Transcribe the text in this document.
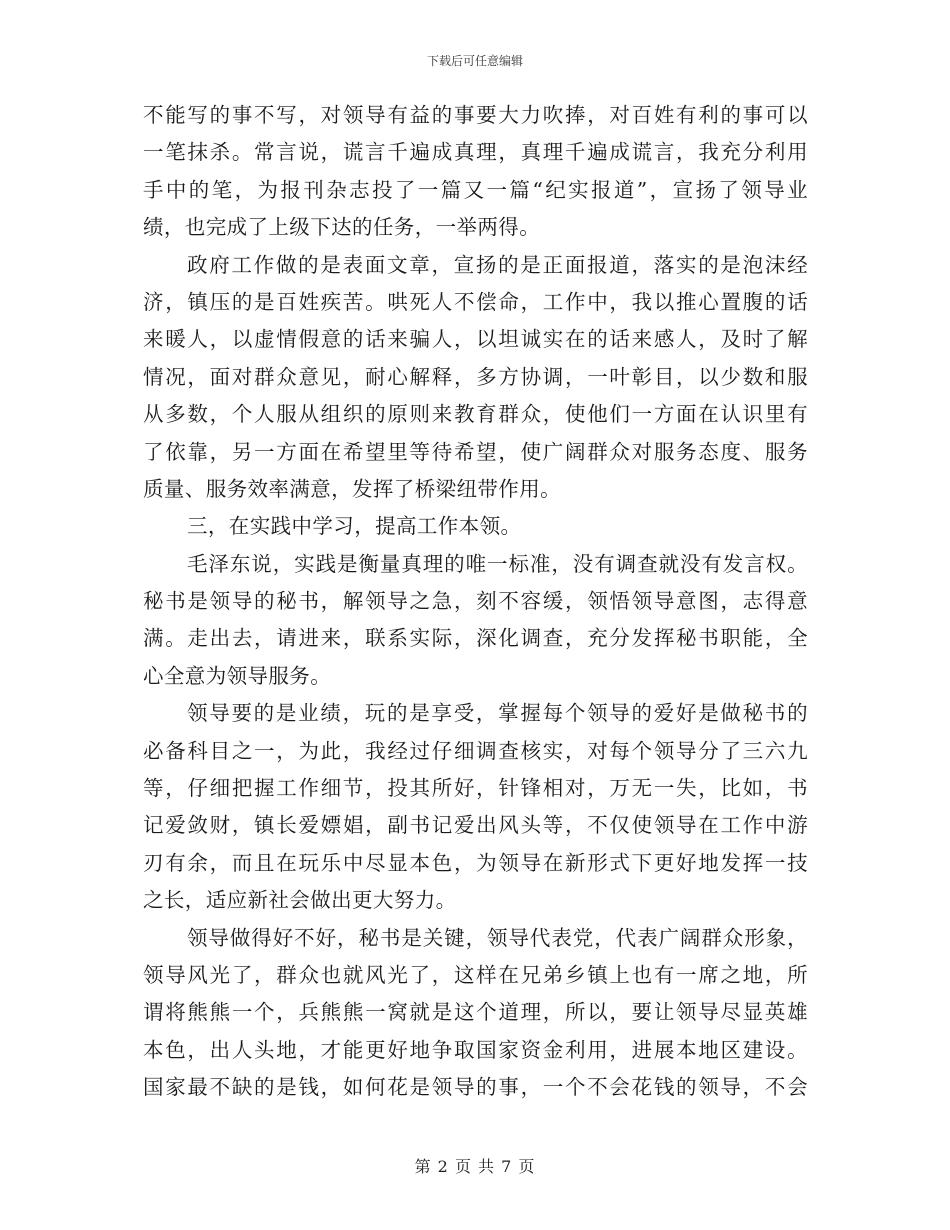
下载后可任意编辑
不能写的事不写，对领导有益的事要大力吹捧，对百姓有利的事可以
一笔抹杀。常言说，谎言千遍成真理，真理千遍成谎言，我充分利用
手中的笔，为报刊杂志投了一篇又一篇“纪实报道”，宣扬了领导业
绩，也完成了上级下达的任务，一举两得。
政府工作做的是表面文章，宣扬的是正面报道，落实的是泡沫经
济，镇压的是百姓疾苦。哄死人不偿命，工作中，我以推心置腹的话
来暖人，以虚情假意的话来骗人，以坦诚实在的话来感人，及时了解
情况，面对群众意见，耐心解释，多方协调，一叶彰目，以少数和服
从多数，个人服从组织的原则来教育群众，使他们一方面在认识里有
了依靠，另一方面在希望里等待希望，使广阔群众对服务态度、服务
质量、服务效率满意，发挥了桥梁纽带作用。
三，在实践中学习，提高工作本领。
毛泽东说，实践是衡量真理的唯一标准，没有调查就没有发言权。
秘书是领导的秘书，解领导之急，刻不容缓，领悟领导意图，志得意
满。走出去，请进来，联系实际，深化调查，充分发挥秘书职能，全
心全意为领导服务。
领导要的是业绩，玩的是享受，掌握每个领导的爱好是做秘书的
必备科目之一，为此，我经过仔细调查核实，对每个领导分了三六九
等，仔细把握工作细节，投其所好，针锋相对，万无一失，比如，书
记爱敛财，镇长爱嫖娼，副书记爱出风头等，不仅使领导在工作中游
刃有余，而且在玩乐中尽显本色，为领导在新形式下更好地发挥一技
之长，适应新社会做出更大努力。
领导做得好不好，秘书是关键，领导代表党，代表广阔群众形象，
领导风光了，群众也就风光了，这样在兄弟乡镇上也有一席之地，所
谓将熊熊一个，兵熊熊一窝就是这个道理，所以，要让领导尽显英雄
本色，出人头地，才能更好地争取国家资金利用，进展本地区建设。
国家最不缺的是钱，如何花是领导的事，一个不会花钱的领导，不会
第 2 页 共 7 页
